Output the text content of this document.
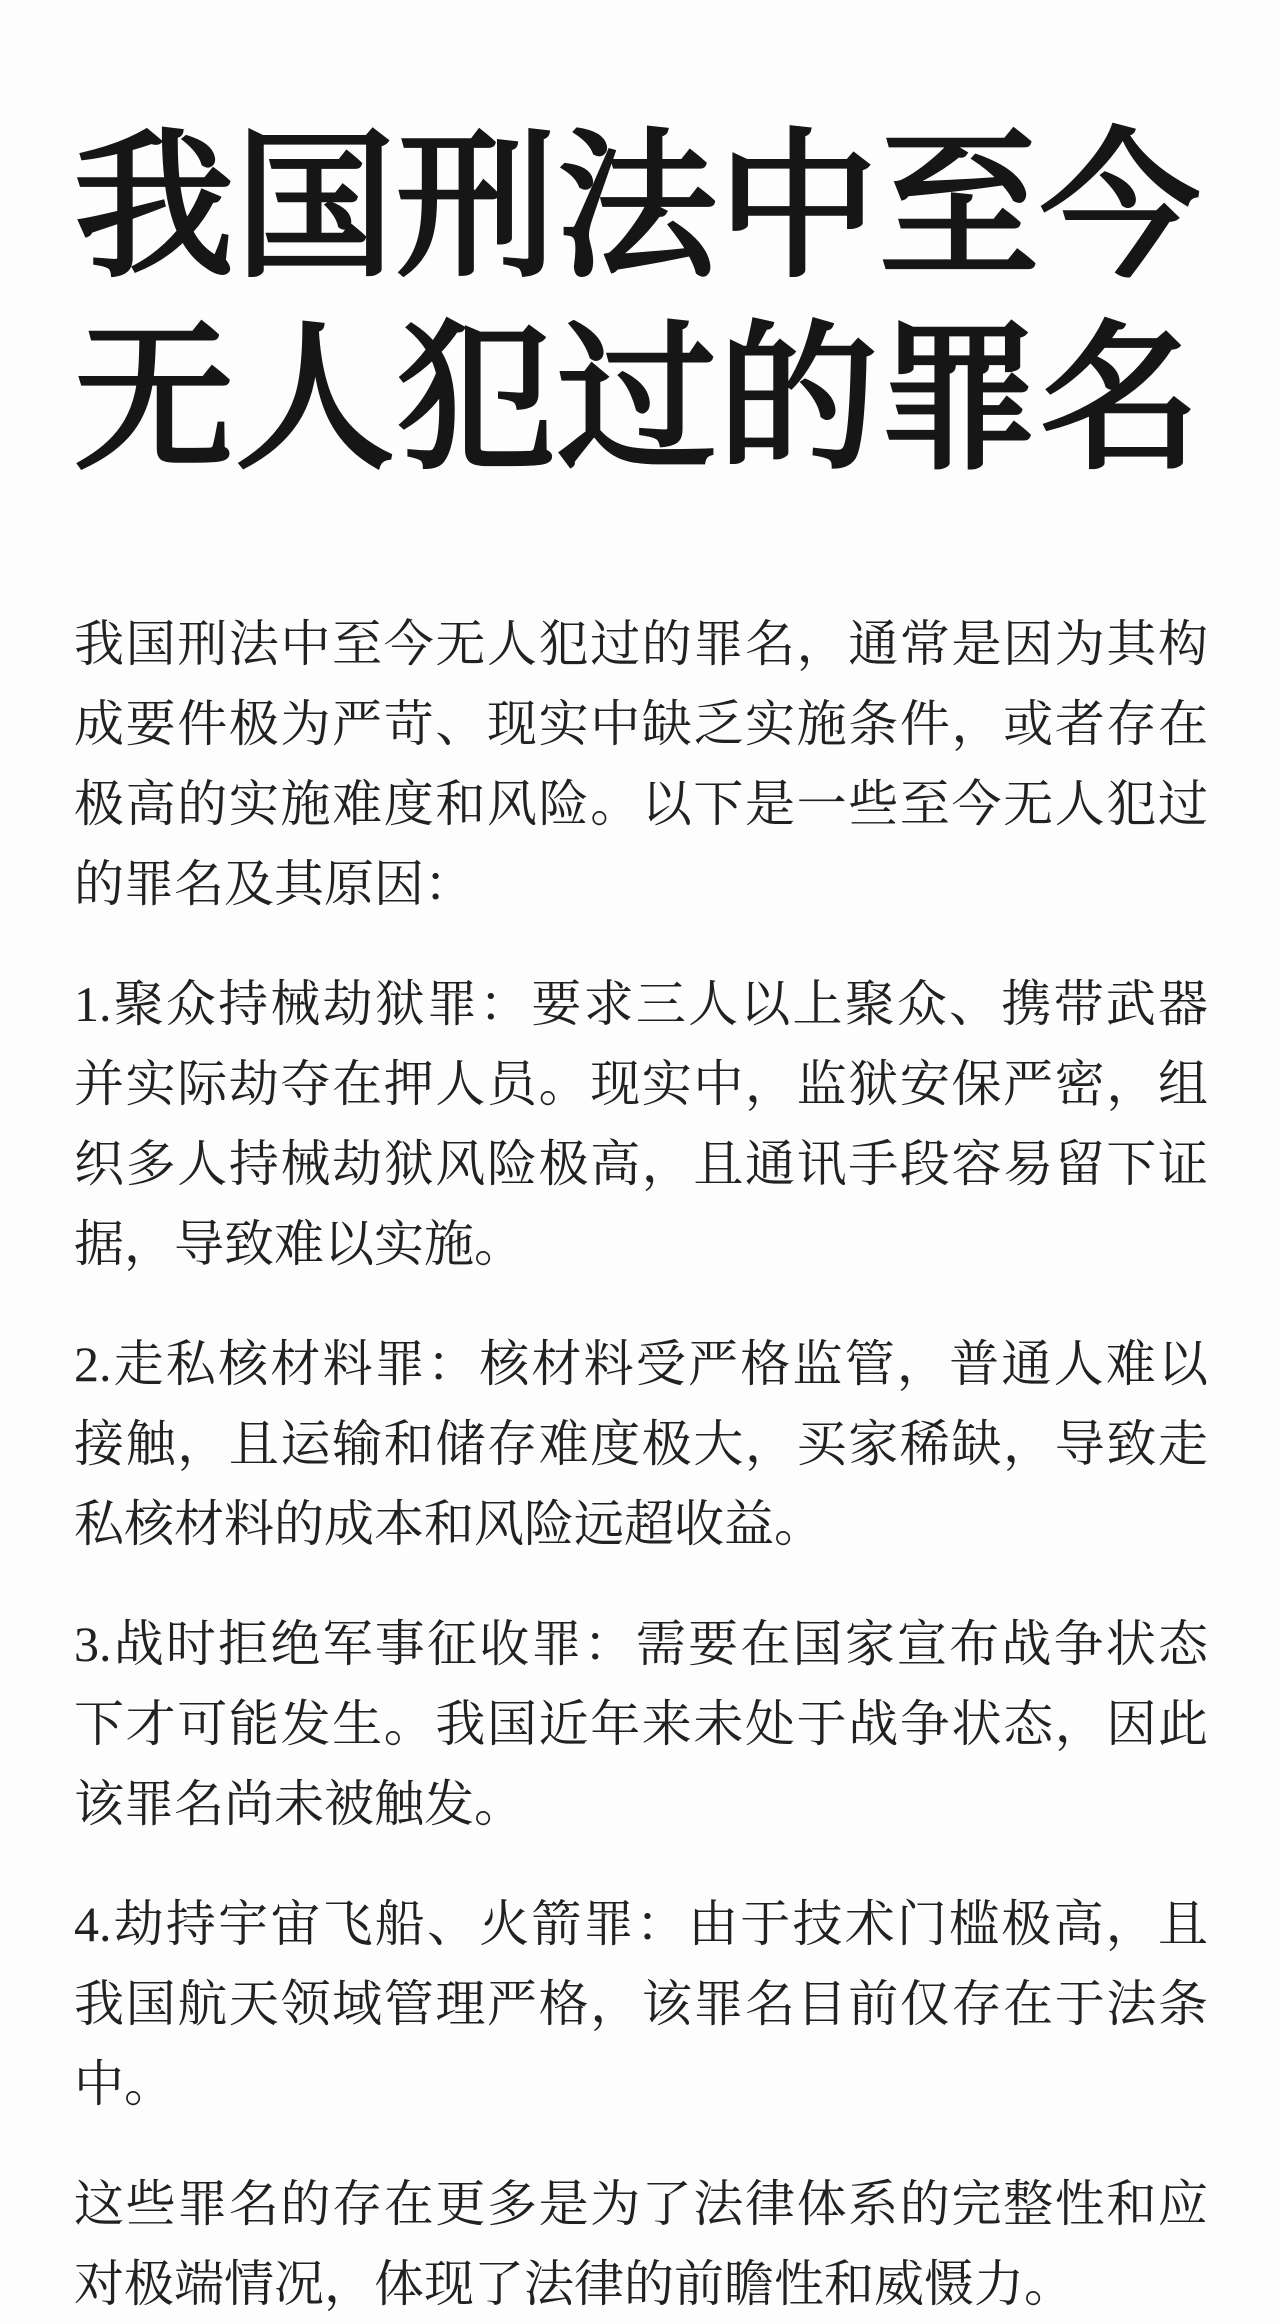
我国刑法中至今
无人犯过的罪名

我国刑法中至今无人犯过的罪名，通常是因为其构成要件极为严苛、现实中缺乏实施条件，或者存在极高的实施难度和风险。以下是一些至今无人犯过的罪名及其原因：

1.聚众持械劫狱罪：要求三人以上聚众、携带武器并实际劫夺在押人员。现实中，监狱安保严密，组织多人持械劫狱风险极高，且通讯手段容易留下证据，导致难以实施。

2.走私核材料罪：核材料受严格监管，普通人难以接触，且运输和储存难度极大，买家稀缺，导致走私核材料的成本和风险远超收益。

3.战时拒绝军事征收罪：需要在国家宣布战争状态下才可能发生。我国近年来未处于战争状态，因此该罪名尚未被触发。

4.劫持宇宙飞船、火箭罪：由于技术门槛极高，且我国航天领域管理严格，该罪名目前仅存在于法条中。

这些罪名的存在更多是为了法律体系的完整性和应对极端情况，体现了法律的前瞻性和威慑力。
